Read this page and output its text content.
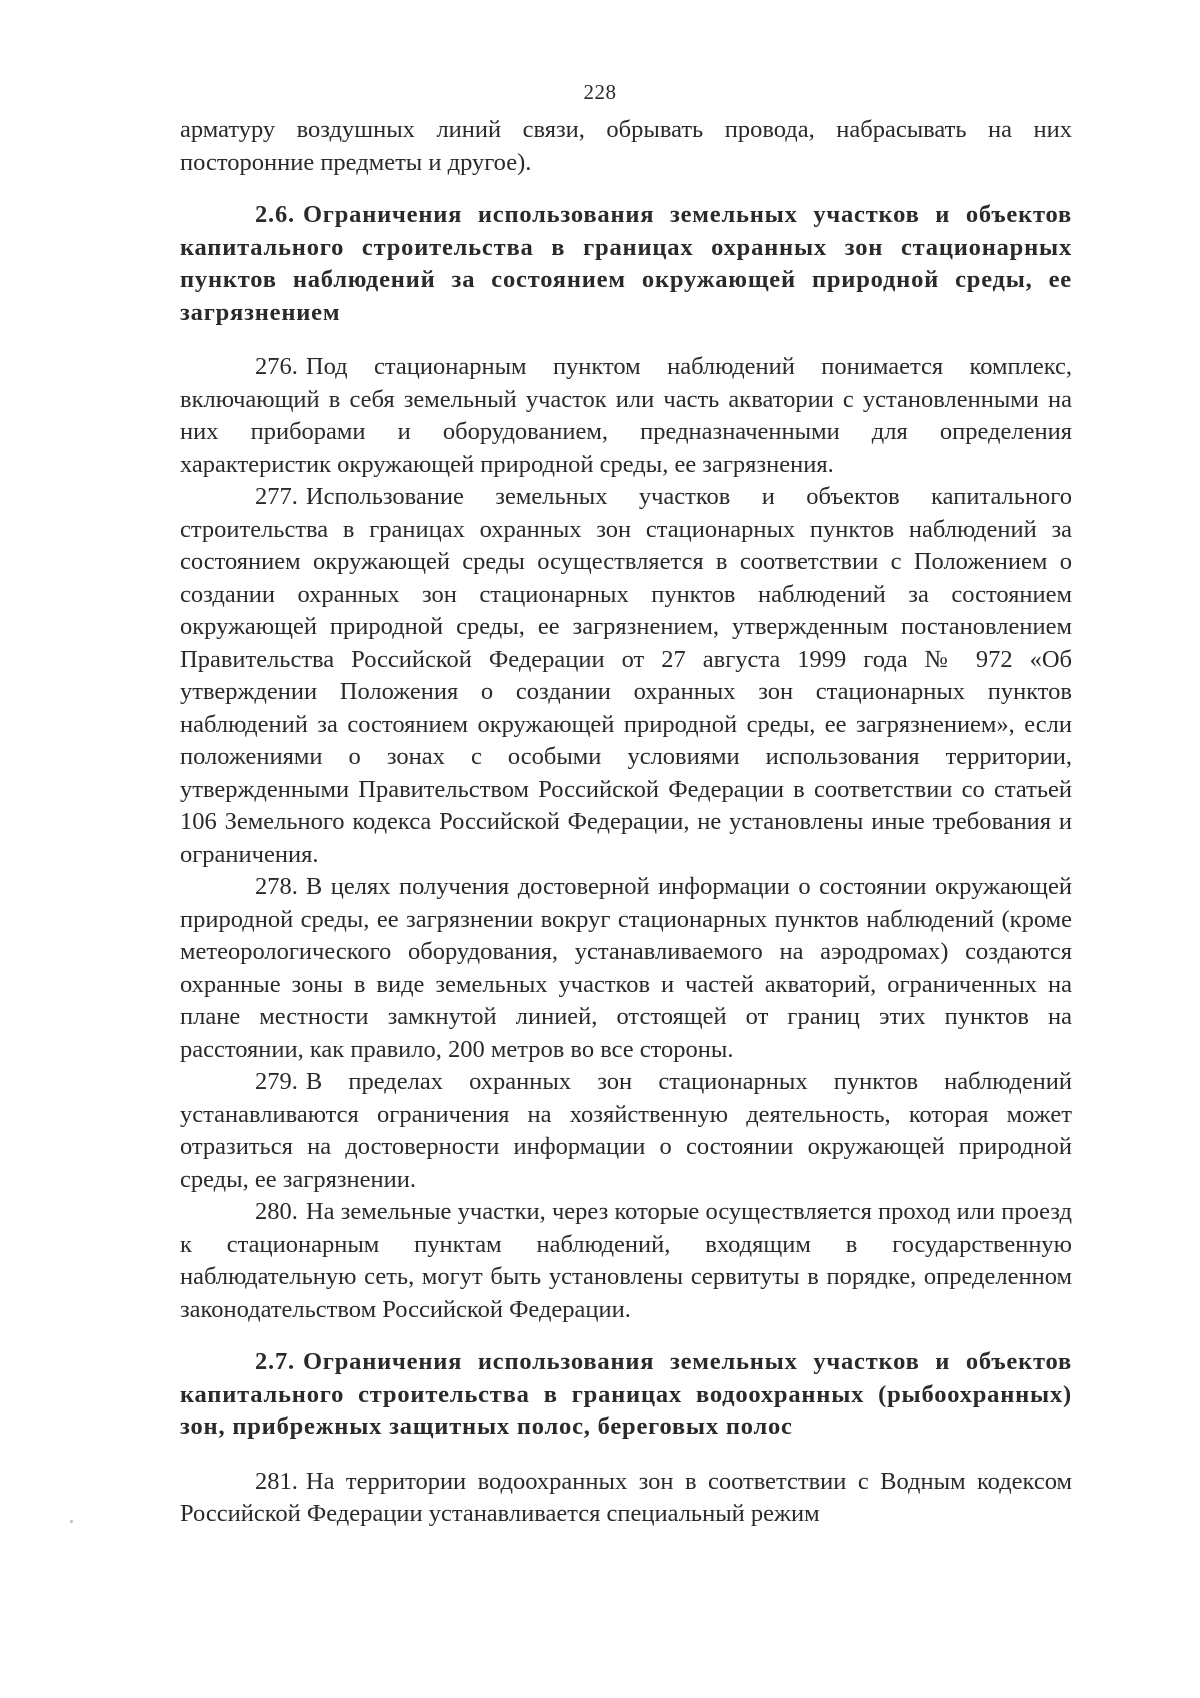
228

арматуру воздушных линий связи, обрывать провода, набрасывать на них посторонние предметы и другое).

2.6. Ограничения использования земельных участков и объектов капитального строительства в границах охранных зон стационарных пунктов наблюдений за состоянием окружающей природной среды, ее загрязнением

276. Под стационарным пунктом наблюдений понимается комплекс, включающий в себя земельный участок или часть акватории с установленными на них приборами и оборудованием, предназначенными для определения характеристик окружающей природной среды, ее загрязнения.

277. Использование земельных участков и объектов капитального строительства в границах охранных зон стационарных пунктов наблюдений за состоянием окружающей среды осуществляется в соответствии с Положением о создании охранных зон стационарных пунктов наблюдений за состоянием окружающей природной среды, ее загрязнением, утвержденным постановлением Правительства Российской Федерации от 27 августа 1999 года № 972 «Об утверждении Положения о создании охранных зон стационарных пунктов наблюдений за состоянием окружающей природной среды, ее загрязнением», если положениями о зонах с особыми условиями использования территории, утвержденными Правительством Российской Федерации в соответствии со статьей 106 Земельного кодекса Российской Федерации, не установлены иные требования и ограничения.

278. В целях получения достоверной информации о состоянии окружающей природной среды, ее загрязнении вокруг стационарных пунктов наблюдений (кроме метеорологического оборудования, устанавливаемого на аэродромах) создаются охранные зоны в виде земельных участков и частей акваторий, ограниченных на плане местности замкнутой линией, отстоящей от границ этих пунктов на расстоянии, как правило, 200 метров во все стороны.

279. В пределах охранных зон стационарных пунктов наблюдений устанавливаются ограничения на хозяйственную деятельность, которая может отразиться на достоверности информации о состоянии окружающей природной среды, ее загрязнении.

280. На земельные участки, через которые осуществляется проход или проезд к стационарным пунктам наблюдений, входящим в государственную наблюдательную сеть, могут быть установлены сервитуты в порядке, определенном законодательством Российской Федерации.

2.7. Ограничения использования земельных участков и объектов капитального строительства в границах водоохранных (рыбоохранных) зон, прибрежных защитных полос, береговых полос

281. На территории водоохранных зон в соответствии с Водным кодексом Российской Федерации устанавливается специальный режим
